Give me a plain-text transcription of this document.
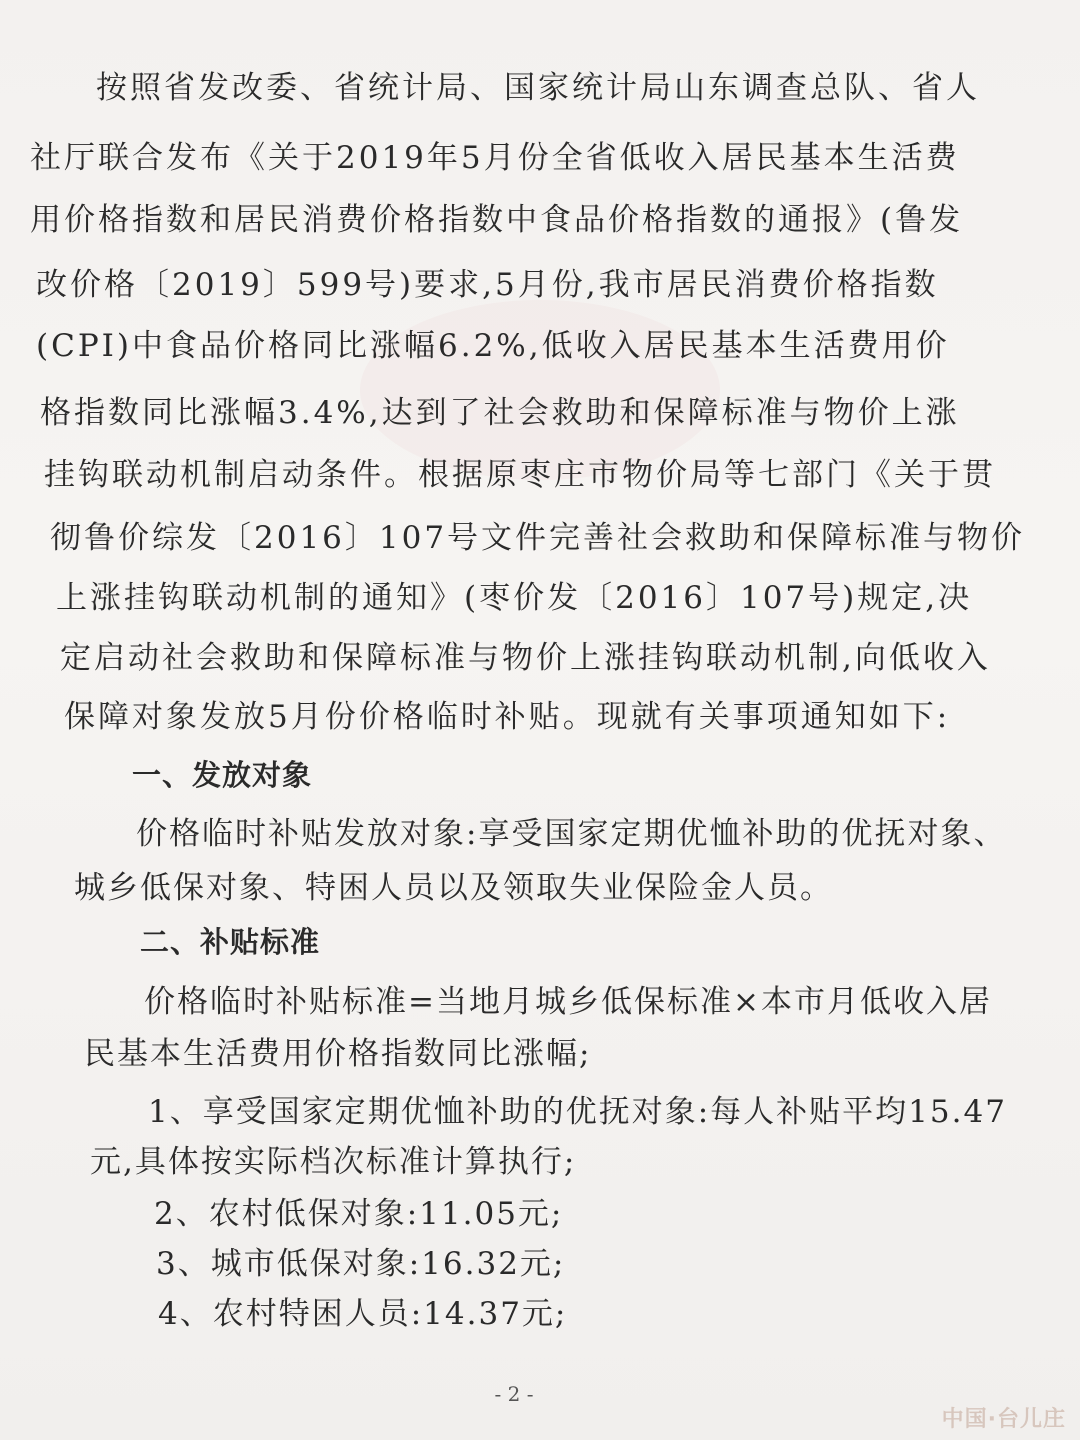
按照省发改委、省统计局、国家统计局山东调查总队、省人
社厅联合发布《关于2019年5月份全省低收入居民基本生活费
用价格指数和居民消费价格指数中食品价格指数的通报》(鲁发
改价格〔2019〕599号)要求,5月份,我市居民消费价格指数
(CPI)中食品价格同比涨幅6.2%,低收入居民基本生活费用价
格指数同比涨幅3.4%,达到了社会救助和保障标准与物价上涨
挂钩联动机制启动条件。根据原枣庄市物价局等七部门《关于贯
彻鲁价综发〔2016〕107号文件完善社会救助和保障标准与物价
上涨挂钩联动机制的通知》(枣价发〔2016〕107号)规定,决
定启动社会救助和保障标准与物价上涨挂钩联动机制,向低收入
保障对象发放5月份价格临时补贴。现就有关事项通知如下:
一、发放对象
价格临时补贴发放对象:享受国家定期优恤补助的优抚对象、
城乡低保对象、特困人员以及领取失业保险金人员。
二、补贴标准
价格临时补贴标准=当地月城乡低保标准×本市月低收入居
民基本生活费用价格指数同比涨幅;
1、享受国家定期优恤补助的优抚对象:每人补贴平均15.47
元,具体按实际档次标准计算执行;
2、农村低保对象:11.05元;
3、城市低保对象:16.32元;
4、农村特困人员:14.37元;
- 2 -
中国·台儿庄
